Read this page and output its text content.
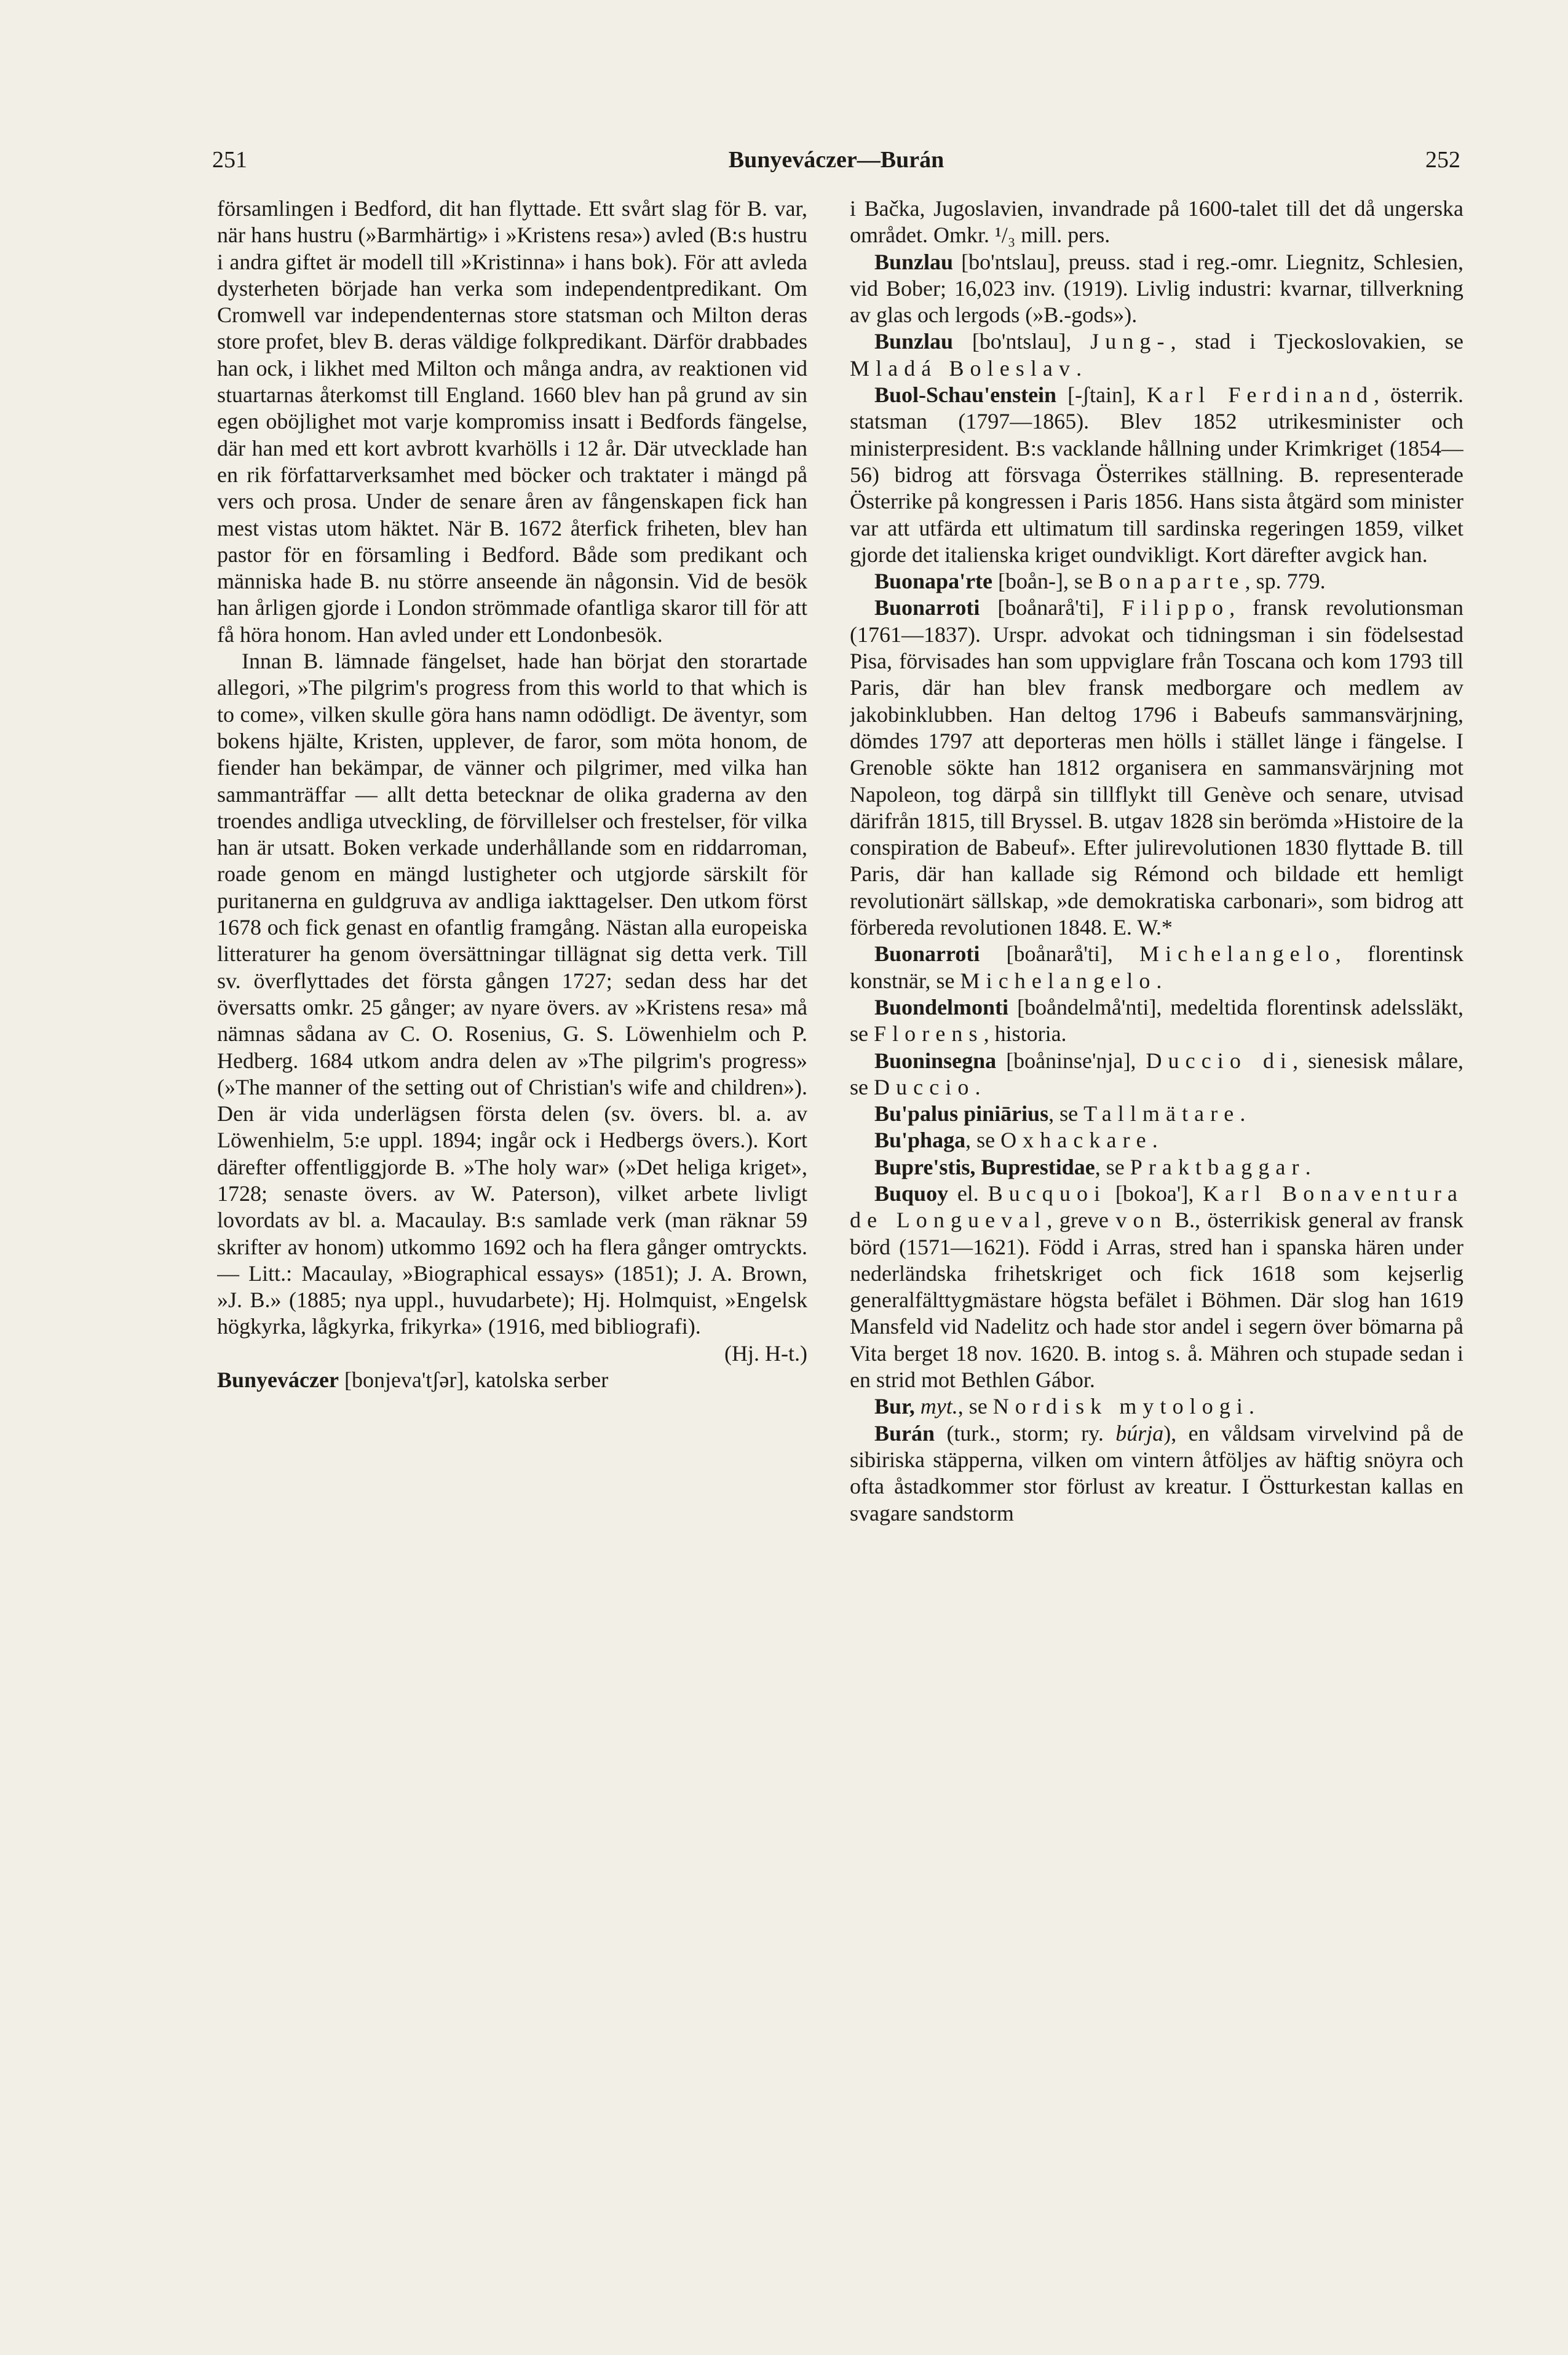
251	Bunyeváczer—Burán	252

församlingen i Bedford, dit han flyttade. Ett svårt slag för B. var, när hans hustru (»Barmhärtig» i »Kristens resa») avled (B:s hustru i andra giftet är modell till »Kristinna» i hans bok). För att avleda dysterheten började han verka som independentpredikant. Om Cromwell var independenternas store statsman och Milton deras store profet, blev B. deras väldige folkpredikant. Därför drabbades han ock, i likhet med Milton och många andra, av reaktionen vid stuartarnas återkomst till England. 1660 blev han på grund av sin egen oböjlighet mot varje kompromiss insatt i Bedfords fängelse, där han med ett kort avbrott kvarhölls i 12 år. Där utvecklade han en rik författarverksamhet med böcker och traktater i mängd på vers och prosa. Under de senare åren av fångenskapen fick han mest vistas utom häktet. När B. 1672 återfick friheten, blev han pastor för en församling i Bedford. Både som predikant och människa hade B. nu större anseende än någonsin. Vid de besök han årligen gjorde i London strömmade ofantliga skaror till för att få höra honom. Han avled under ett Londonbesök.

Innan B. lämnade fängelset, hade han börjat den storartade allegori, »The pilgrim's progress from this world to that which is to come», vilken skulle göra hans namn odödligt. De äventyr, som bokens hjälte, Kristen, upplever, de faror, som möta honom, de fiender han bekämpar, de vänner och pilgrimer, med vilka han sammanträffar — allt detta betecknar de olika graderna av den troendes andliga utveckling, de förvillelser och frestelser, för vilka han är utsatt. Boken verkade underhållande som en riddarroman, roade genom en mängd lustigheter och utgjorde särskilt för puritanerna en guldgruva av andliga iakttagelser. Den utkom först 1678 och fick genast en ofantlig framgång. Nästan alla europeiska litteraturer ha genom översättningar tillägnat sig detta verk. Till sv. överflyttades det första gången 1727; sedan dess har det översatts omkr. 25 gånger; av nyare övers. av »Kristens resa» må nämnas sådana av C. O. Rosenius, G. S. Löwenhielm och P. Hedberg. 1684 utkom andra delen av »The pilgrim's progress» (»The manner of the setting out of Christian's wife and children»). Den är vida underlägsen första delen (sv. övers. bl. a. av Löwenhielm, 5:e uppl. 1894; ingår ock i Hedbergs övers.). Kort därefter offentliggjorde B. »The holy war» (»Det heliga kriget», 1728; senaste övers. av W. Paterson), vilket arbete livligt lovordats av bl. a. Macaulay. B:s samlade verk (man räknar 59 skrifter av honom) utkommo 1692 och ha flera gånger omtryckts. — Litt.: Macaulay, »Biographical essays» (1851); J. A. Brown, »J. B.» (1885; nya uppl., huvudarbete); Hj. Holmquist, »Engelsk högkyrka, lågkyrka, frikyrka» (1916, med bibliografi).
(Hj. H-t.)

Bunyeváczer [bonjeva'tʃər], katolska serber

i Bačka, Jugoslavien, invandrade på 1600-talet till det då ungerska området. Omkr. ¹/₃ mill. pers.

Bunzlau [bo'ntslau], preuss. stad i reg.-omr. Liegnitz, Schlesien, vid Bober; 16,023 inv. (1919). Livlig industri: kvarnar, tillverkning av glas och lergods (»B.-gods»).

Bunzlau [bo'ntslau], Jung-, stad i Tjeckoslovakien, se Mladá Boleslav.

Buol-Schau'enstein [-ʃtain], Karl Ferdinand, österrik. statsman (1797—1865). Blev 1852 utrikesminister och ministerpresident. B:s vacklande hållning under Krimkriget (1854—56) bidrog att försvaga Österrikes ställning. B. representerade Österrike på kongressen i Paris 1856. Hans sista åtgärd som minister var att utfärda ett ultimatum till sardinska regeringen 1859, vilket gjorde det italienska kriget oundvikligt. Kort därefter avgick han.

Buonapa'rte [boån-], se Bonaparte, sp. 779.

Buonarroti [boånarå'ti], Filippo, fransk revolutionsman (1761—1837). Urspr. advokat och tidningsman i sin födelsestad Pisa, förvisades han som uppviglare från Toscana och kom 1793 till Paris, där han blev fransk medborgare och medlem av jakobinklubben. Han deltog 1796 i Babeufs sammansvärjning, dömdes 1797 att deporteras men hölls i stället länge i fängelse. I Grenoble sökte han 1812 organisera en sammansvärjning mot Napoleon, tog därpå sin tillflykt till Genève och senare, utvisad därifrån 1815, till Bryssel. B. utgav 1828 sin berömda »Histoire de la conspiration de Babeuf». Efter julirevolutionen 1830 flyttade B. till Paris, där han kallade sig Rémond och bildade ett hemligt revolutionärt sällskap, »de demokratiska carbonari», som bidrog att förbereda revolutionen 1848. E. W.*

Buonarroti [boånarå'ti], Michelangelo, florentinsk konstnär, se Michelangelo.

Buondelmonti [boåndelmå'nti], medeltida florentinsk adelssläkt, se Florens, historia.

Buoninsegna [boåninse'nja], Duccio di, sienesisk målare, se Duccio.

Bu'palus piniārius, se Tallmätare.

Bu'phaga, se Oxhackare.

Bupre'stis, Buprestidae, se Praktbaggar.

Buquoy el. Bucquoi [bokoa'], Karl Bonaventura de Longueval, greve von B., österrikisk general av fransk börd (1571—1621). Född i Arras, stred han i spanska hären under nederländska frihetskriget och fick 1618 som kejserlig generalfälttygmästare högsta befälet i Böhmen. Där slog han 1619 Mansfeld vid Nadelitz och hade stor andel i segern över bömarna på Vita berget 18 nov. 1620. B. intog s. å. Mähren och stupade sedan i en strid mot Bethlen Gábor.

Bur, myt., se Nordisk mytologi.

Burán (turk., storm; ry. búrja), en våldsam virvelvind på de sibiriska stäpperna, vilken om vintern åtföljes av häftig snöyra och ofta åstadkommer stor förlust av kreatur. I Östturkestan kallas en svagare sandstorm
